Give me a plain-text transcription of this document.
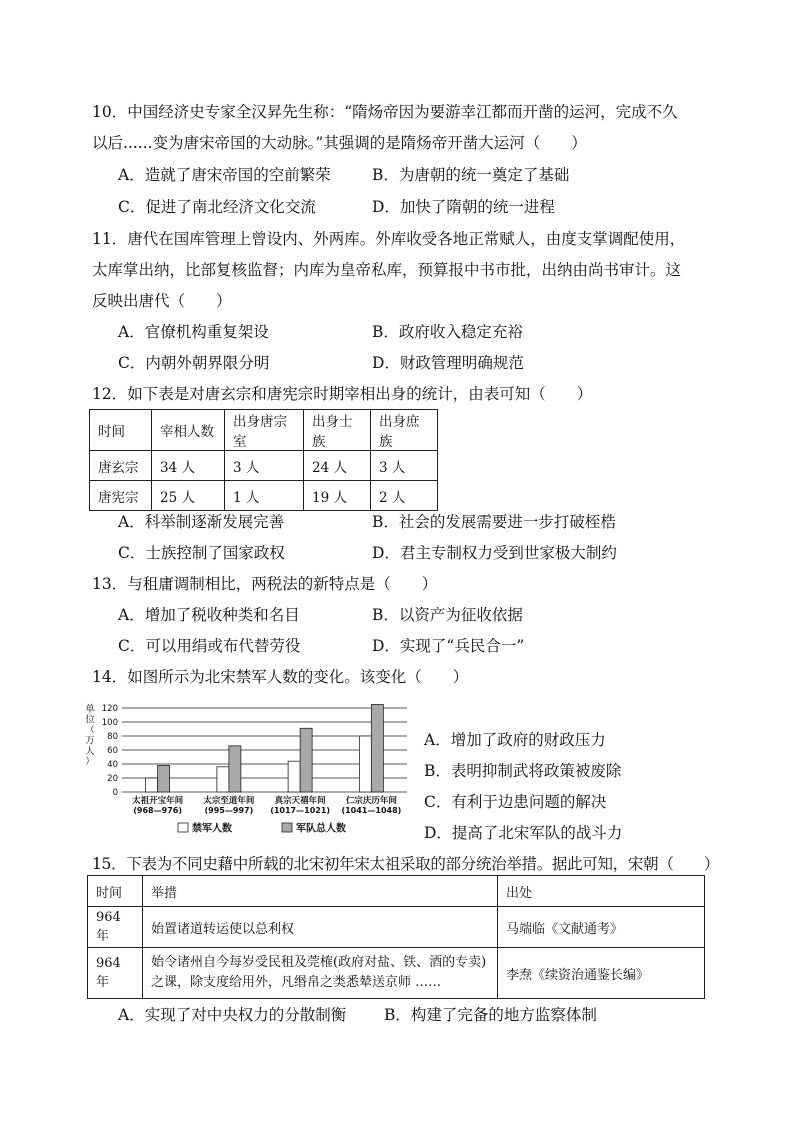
10．中国经济史专家全汉昇先生称：“隋炀帝因为要游幸江都而开凿的运河，完成不久
以后......变为唐宋帝国的大动脉。”其强调的是隋炀帝开凿大运河（　　）
A．造就了唐宋帝国的空前繁荣	B．为唐朝的统一奠定了基础
C．促进了南北经济文化交流	D．加快了隋朝的统一进程
11．唐代在国库管理上曾设内、外两库。外库收受各地正常赋人，由度支掌调配使用，
太库掌出纳，比部复核监督；内库为皇帝私库，预算报中书市批，出纳由尚书审计。这
反映出唐代（　　）
A．官僚机构重复架设	B．政府收入稳定充裕
C．内朝外朝界限分明	D．财政管理明确规范
12．如下表是对唐玄宗和唐宪宗时期宰相出身的统计，由表可知（　　）
时间	宰相人数	出身唐宗室	出身士族	出身庶族
唐玄宗	34 人	3 人	24 人	3 人
唐宪宗	25 人	1 人	19 人	2 人
A．科举制逐渐发展完善	B．社会的发展需要进一步打破桎梏
C．士族控制了国家政权	D．君主专制权力受到世家极大制约
13．与租庸调制相比，两税法的新特点是（　　）
A．增加了税收种类和名目	B．以资产为征收依据
C．可以用绢或布代替劳役	D．实现了“兵民合一”
14．如图所示为北宋禁军人数的变化。该变化（　　）
单
位
（
万
人
）
0
20
40
60
80
100
120
太祖开宝年间
(968—976)
太宗至道年间
(995—997)
真宗天禧年间
(1017—1021)
仁宗庆历年间
(1041—1048)
禁军人数	军队总人数
A．增加了政府的财政压力
B．表明抑制武将政策被废除
C．有利于边患问题的解决
D．提高了北宋军队的战斗力
15．下表为不同史藉中所载的北宋初年宋太祖采取的部分统治举措。据此可知，宋朝（　　）
时间	举措	出处
964 年	始置诸道转运使以总利权	马端临《文献通考》
964 年	始令诸州自今每岁受民租及莞榷(政府对盐、铁、酒的专卖)之课，除支度给用外，凡缗帛之类悉辇送京师 ……	李焘《续资治通鉴长编》
A．实现了对中央权力的分散制衡 B．构建了完备的地方监察体制
